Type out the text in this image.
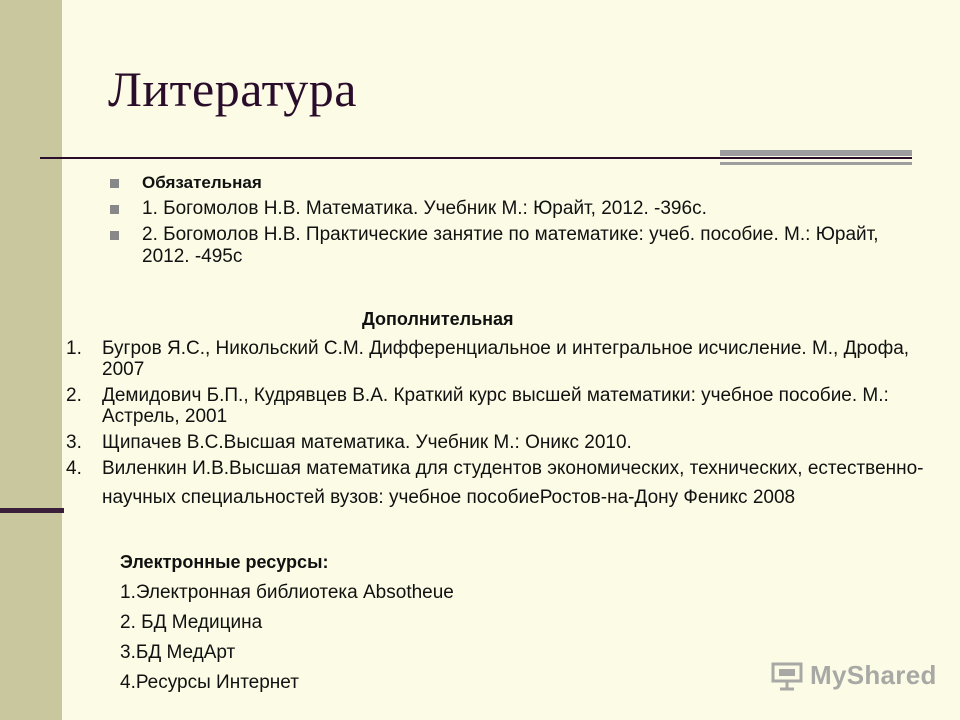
Литература
Обязательная
1. Богомолов Н.В. Математика. Учебник М.: Юрайт, 2012. -396с.
2. Богомолов Н.В. Практические занятие по математике: учеб. пособие. М.: Юрайт, 2012. -495с
Дополнительная
1. Бугров Я.С., Никольский С.М. Дифференциальное и интегральное исчисление. М., Дрофа, 2007
2. Демидович Б.П., Кудрявцев В.А. Краткий курс высшей математики: учебное пособие. М.: Астрель, 2001
3. Щипачев В.С.Высшая математика. Учебник М.: Оникс 2010.
4. Виленкин И.В.Высшая математика для студентов экономических, технических, естественно-научных специальностей вузов: учебное пособиеРостов-на-Дону Феникс 2008
Электронные ресурсы:
1.Электронная библиотека Absotheue
2. БД Медицина
3.БД МедАрт
4.Ресурсы Интернет	MyShared
